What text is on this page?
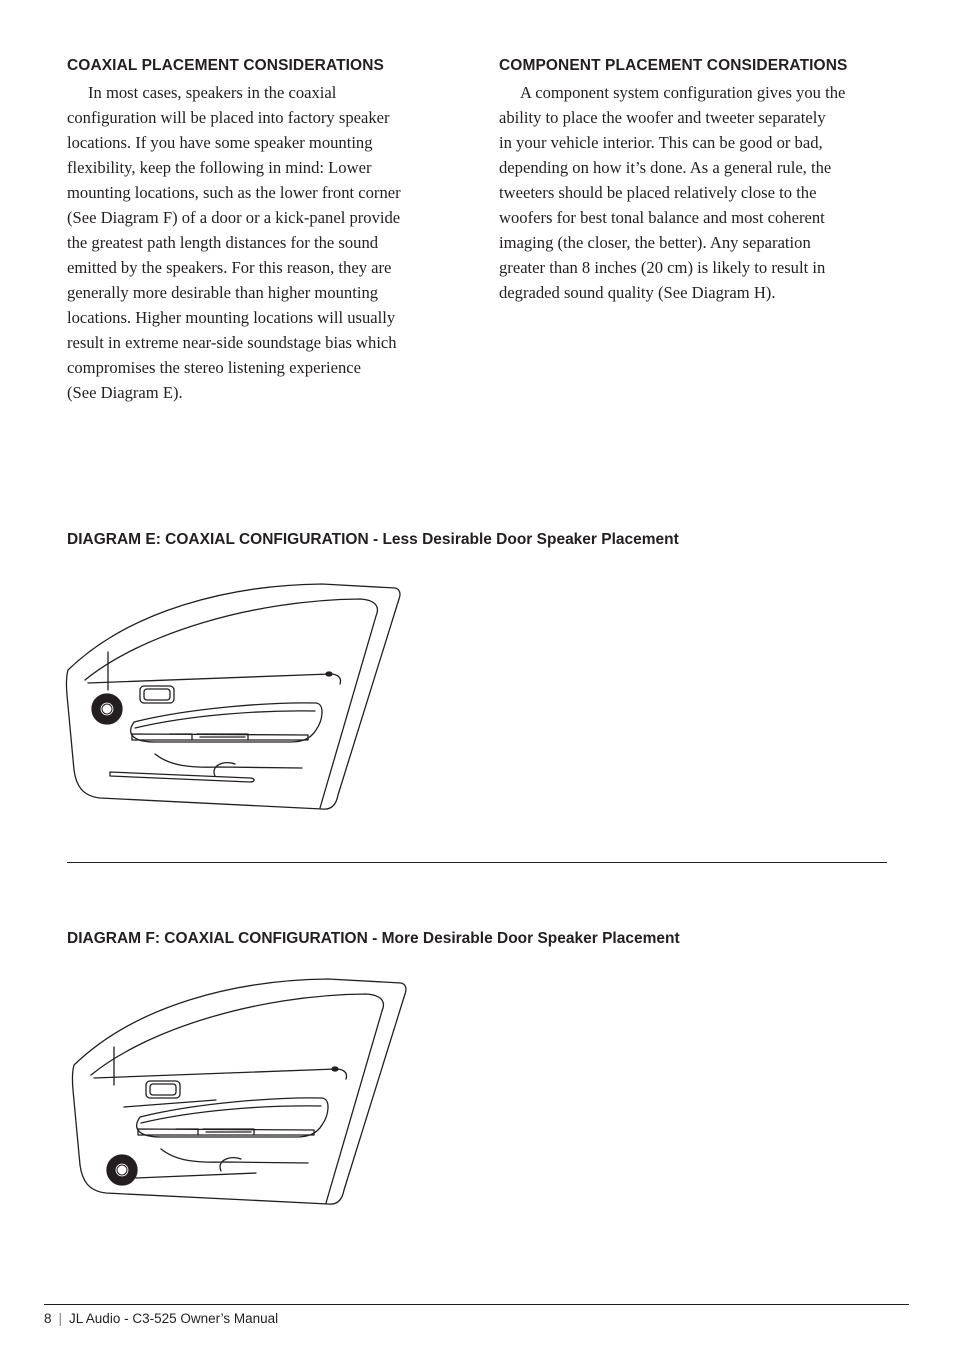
COAXIAL PLACEMENT CONSIDERATIONS
In most cases, speakers in the coaxial
configuration will be placed into factory speaker
locations. If you have some speaker mounting
flexibility, keep the following in mind: Lower
mounting locations, such as the lower front corner
(See Diagram F) of a door or a kick-panel provide
the greatest path length distances for the sound
emitted by the speakers. For this reason, they are
generally more desirable than higher mounting
locations. Higher mounting locations will usually
result in extreme near-side soundstage bias which
compromises the stereo listening experience
(See Diagram E).
COMPONENT PLACEMENT CONSIDERATIONS
A component system configuration gives you the
ability to place the woofer and tweeter separately
in your vehicle interior. This can be good or bad,
depending on how it’s done. As a general rule, the
tweeters should be placed relatively close to the
woofers for best tonal balance and most coherent
imaging (the closer, the better). Any separation
greater than 8 inches (20 cm) is likely to result in
degraded sound quality (See Diagram H).
DIAGRAM E: COAXIAL CONFIGURATION - Less Desirable Door Speaker Placement
DIAGRAM F: COAXIAL CONFIGURATION - More Desirable Door Speaker Placement
8 | JL Audio - C3-525 Owner’s Manual
